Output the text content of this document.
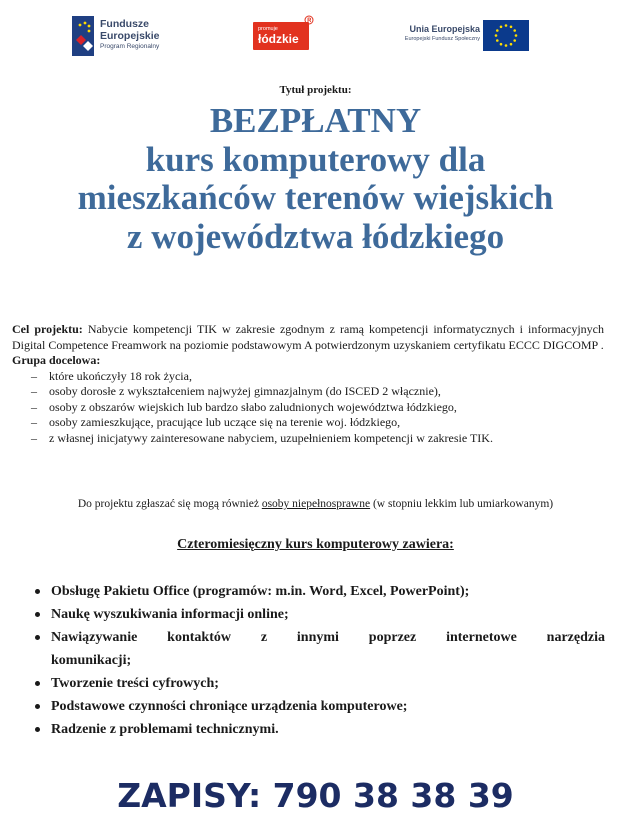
Fundusze
Europejskie
Program Regionalny
promuje
łódzkie
Unia Europejska
Europejski Fundusz Społeczny
Tytuł projektu:
BEZPŁATNY
kurs komputerowy dla
mieszkańców terenów wiejskich
z województwa łódzkiego
Cel projektu: Nabycie kompetencji TIK w zakresie zgodnym z ramą kompetencji informatycznych i informacyjnych Digital Competence Freamwork na poziomie podstawowym A potwierdzonym uzyskaniem certyfikatu ECCC DIGCOMP .
Grupa docelowa:
– które ukończyły 18 rok życia,
– osoby dorosłe z wykształceniem najwyżej gimnazjalnym (do ISCED 2 włącznie),
– osoby z obszarów wiejskich lub bardzo słabo zaludnionych województwa łódzkiego,
– osoby zamieszkujące, pracujące lub uczące się na terenie woj. łódzkiego,
– z własnej inicjatywy zainteresowane nabyciem, uzupełnieniem kompetencji w zakresie TIK.
Do projektu zgłaszać się mogą również osoby niepełnosprawne (w stopniu lekkim lub umiarkowanym)
Czteromiesięczny kurs komputerowy zawiera:
Obsługę Pakietu Office (programów: m.in. Word, Excel, PowerPoint);
Naukę wyszukiwania informacji online;
Nawiązywanie kontaktów z innymi poprzez internetowe narzędzia
komunikacji;
Tworzenie treści cyfrowych;
Podstawowe czynności chroniące urządzenia komputerowe;
Radzenie z problemami technicznymi.
ZAPISY: 790 38 38 39
